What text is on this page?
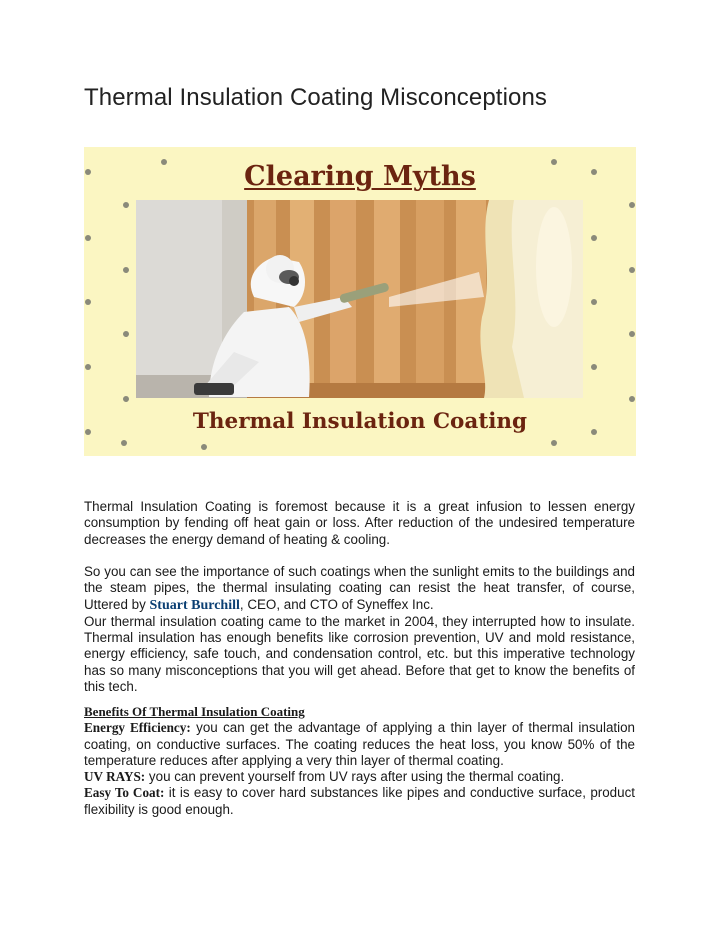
Thermal Insulation Coating Misconceptions
Clearing Myths
Thermal Insulation Coating

Thermal Insulation Coating is foremost because it is a great infusion to lessen energy consumption by fending off heat gain or loss. After reduction of the undesired temperature decreases the energy demand of heating & cooling.

So you can see the importance of such coatings when the sunlight emits to the buildings and the steam pipes, the thermal insulating coating can resist the heat transfer, of course, Uttered by Stuart Burchill, CEO, and CTO of Syneffex Inc.

Our thermal insulation coating came to the market in 2004, they interrupted how to insulate. Thermal insulation has enough benefits like corrosion prevention, UV and mold resistance, energy efficiency, safe touch, and condensation control, etc. but this imperative technology has so many misconceptions that you will get ahead. Before that get to know the benefits of this tech.

Benefits Of Thermal Insulation Coating

Energy Efficiency: you can get the advantage of applying a thin layer of thermal insulation coating, on conductive surfaces. The coating reduces the heat loss, you know 50% of the temperature reduces after applying a very thin layer of thermal coating.

UV RAYS: you can prevent yourself from UV rays after using the thermal coating.

Easy To Coat: it is easy to cover hard substances like pipes and conductive surface, product flexibility is good enough.
